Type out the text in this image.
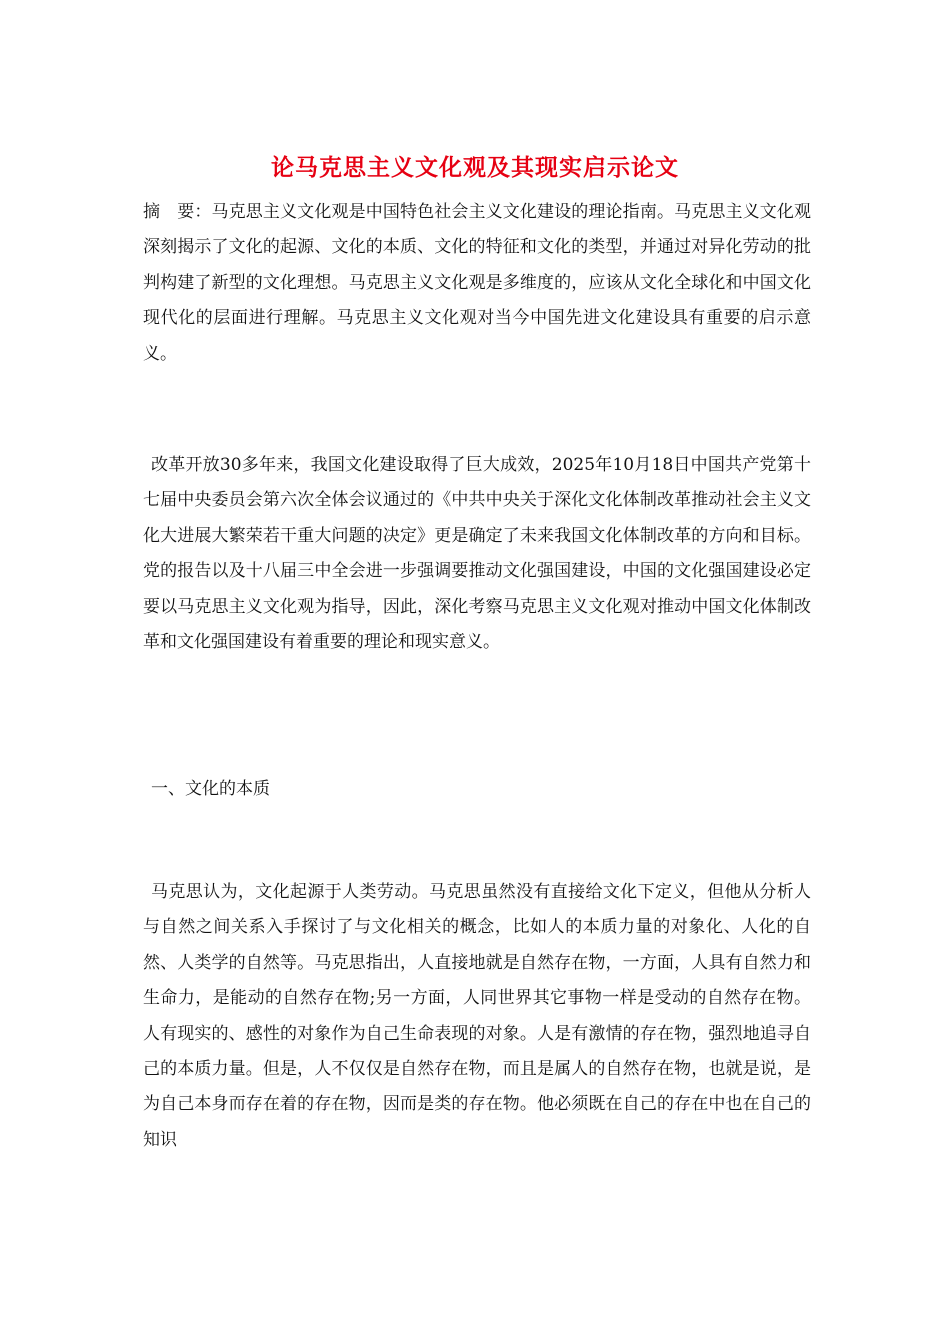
论马克思主义文化观及其现实启示论文

摘　要：马克思主义文化观是中国特色社会主义文化建设的理论指南。马克思主义文化观深刻揭示了文化的起源、文化的本质、文化的特征和文化的类型，并通过对异化劳动的批判构建了新型的文化理想。马克思主义文化观是多维度的，应该从文化全球化和中国文化现代化的层面进行理解。马克思主义文化观对当今中国先进文化建设具有重要的启示意义。

改革开放30多年来，我国文化建设取得了巨大成效，2025年10月18日中国共产党第十七届中央委员会第六次全体会议通过的《中共中央关于深化文化体制改革推动社会主义文化大进展大繁荣若干重大问题的决定》更是确定了未来我国文化体制改革的方向和目标。党的报告以及十八届三中全会进一步强调要推动文化强国建设，中国的文化强国建设必定要以马克思主义文化观为指导，因此，深化考察马克思主义文化观对推动中国文化体制改革和文化强国建设有着重要的理论和现实意义。

一、文化的本质

马克思认为，文化起源于人类劳动。马克思虽然没有直接给文化下定义，但他从分析人与自然之间关系入手探讨了与文化相关的概念，比如人的本质力量的对象化、人化的自然、人类学的自然等。马克思指出，人直接地就是自然存在物，一方面，人具有自然力和生命力，是能动的自然存在物;另一方面，人同世界其它事物一样是受动的自然存在物。人有现实的、感性的对象作为自己生命表现的对象。人是有激情的存在物，强烈地追寻自己的本质力量。但是，人不仅仅是自然存在物，而且是属人的自然存在物，也就是说，是为自己本身而存在着的存在物，因而是类的存在物。他必须既在自己的存在中也在自己的知识
